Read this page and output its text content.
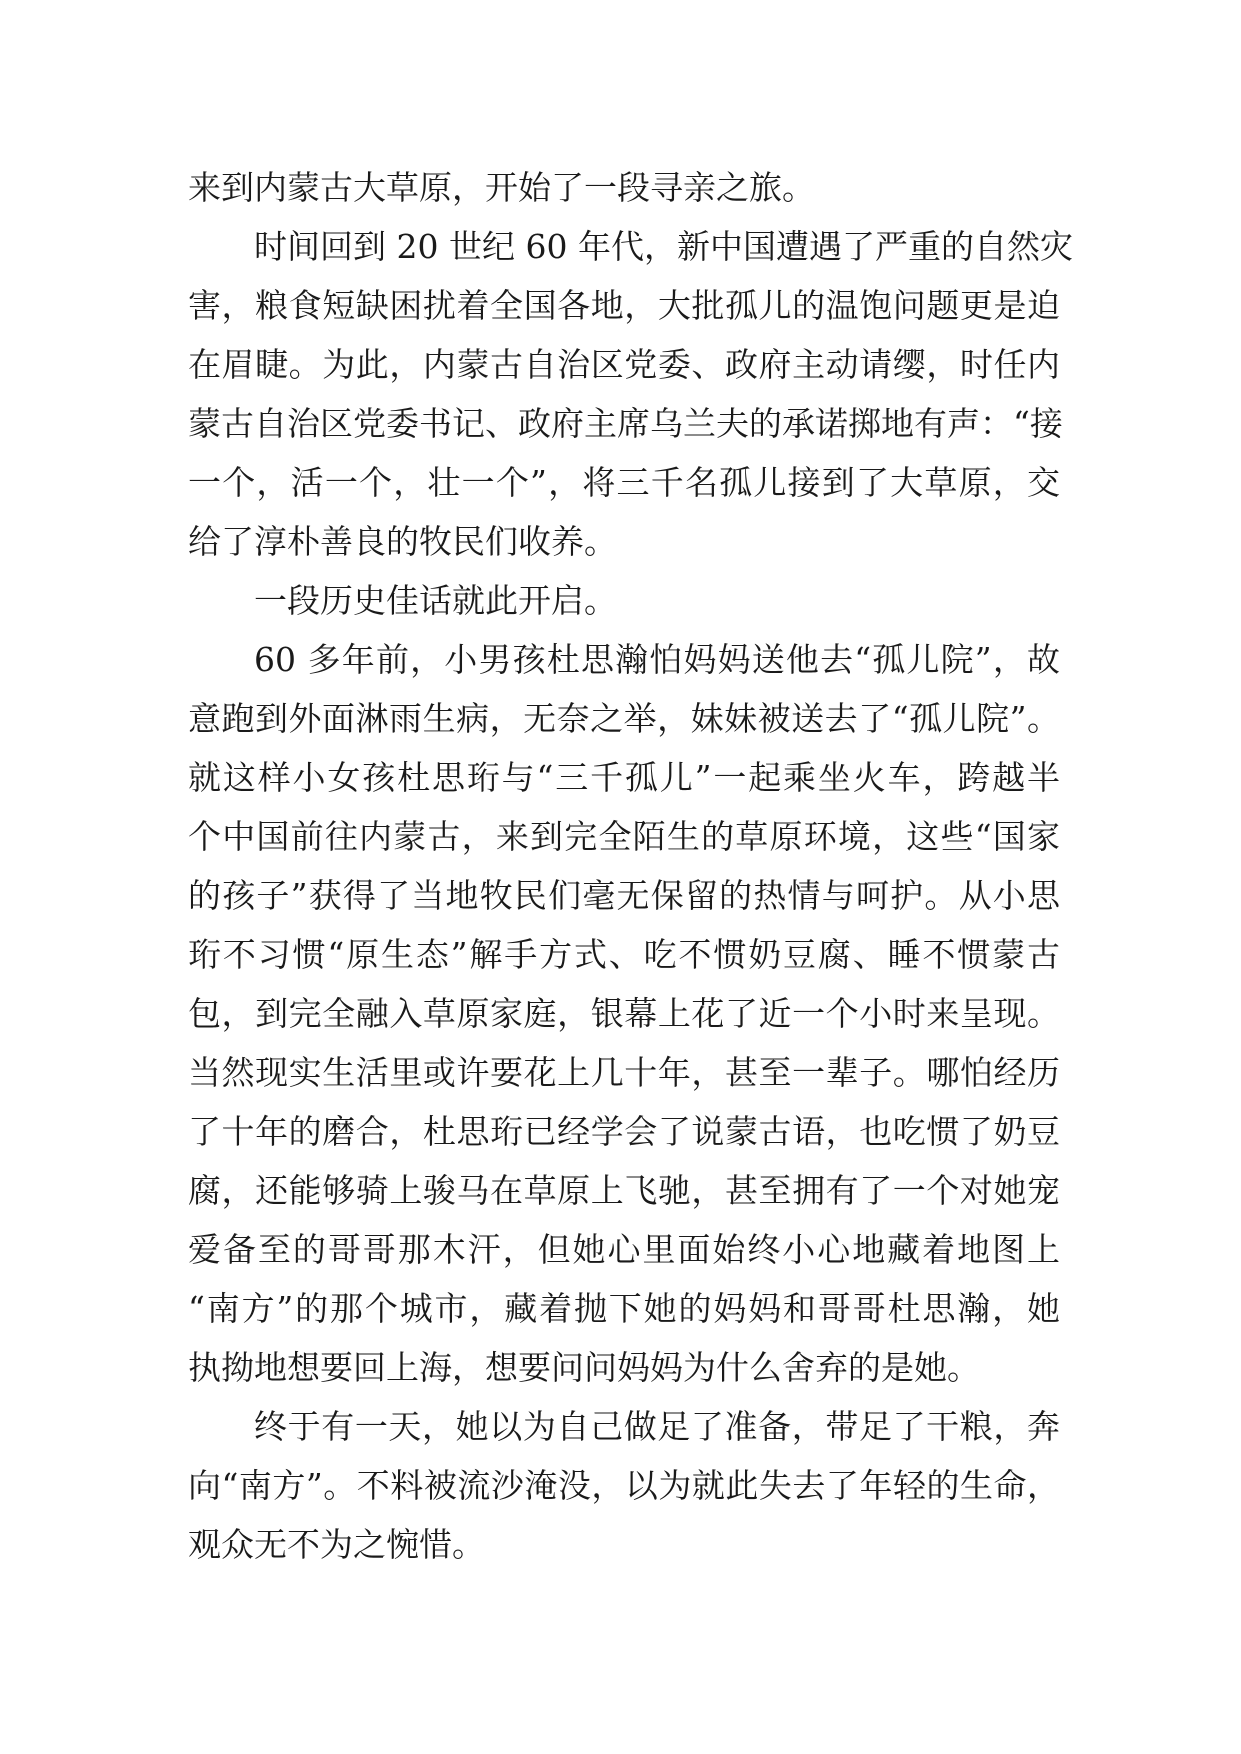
来到内蒙古大草原，开始了一段寻亲之旅。
时间回到 20 世纪 60 年代，新中国遭遇了严重的自然灾
害，粮食短缺困扰着全国各地，大批孤儿的温饱问题更是迫
在眉睫。为此，内蒙古自治区党委、政府主动请缨，时任内
蒙古自治区党委书记、政府主席乌兰夫的承诺掷地有声：“接
一个，活一个，壮一个”，将三千名孤儿接到了大草原，交
给了淳朴善良的牧民们收养。
一段历史佳话就此开启。
60 多年前，小男孩杜思瀚怕妈妈送他去“孤儿院”，故
意跑到外面淋雨生病，无奈之举，妹妹被送去了“孤儿院”。
就这样小女孩杜思珩与“三千孤儿”一起乘坐火车，跨越半
个中国前往内蒙古，来到完全陌生的草原环境，这些“国家
的孩子”获得了当地牧民们毫无保留的热情与呵护。从小思
珩不习惯“原生态”解手方式、吃不惯奶豆腐、睡不惯蒙古
包，到完全融入草原家庭，银幕上花了近一个小时来呈现。
当然现实生活里或许要花上几十年，甚至一辈子。哪怕经历
了十年的磨合，杜思珩已经学会了说蒙古语，也吃惯了奶豆
腐，还能够骑上骏马在草原上飞驰，甚至拥有了一个对她宠
爱备至的哥哥那木汗，但她心里面始终小心地藏着地图上
“南方”的那个城市，藏着抛下她的妈妈和哥哥杜思瀚，她
执拗地想要回上海，想要问问妈妈为什么舍弃的是她。
终于有一天，她以为自己做足了准备，带足了干粮，奔
向“南方”。不料被流沙淹没，以为就此失去了年轻的生命，
观众无不为之惋惜。
